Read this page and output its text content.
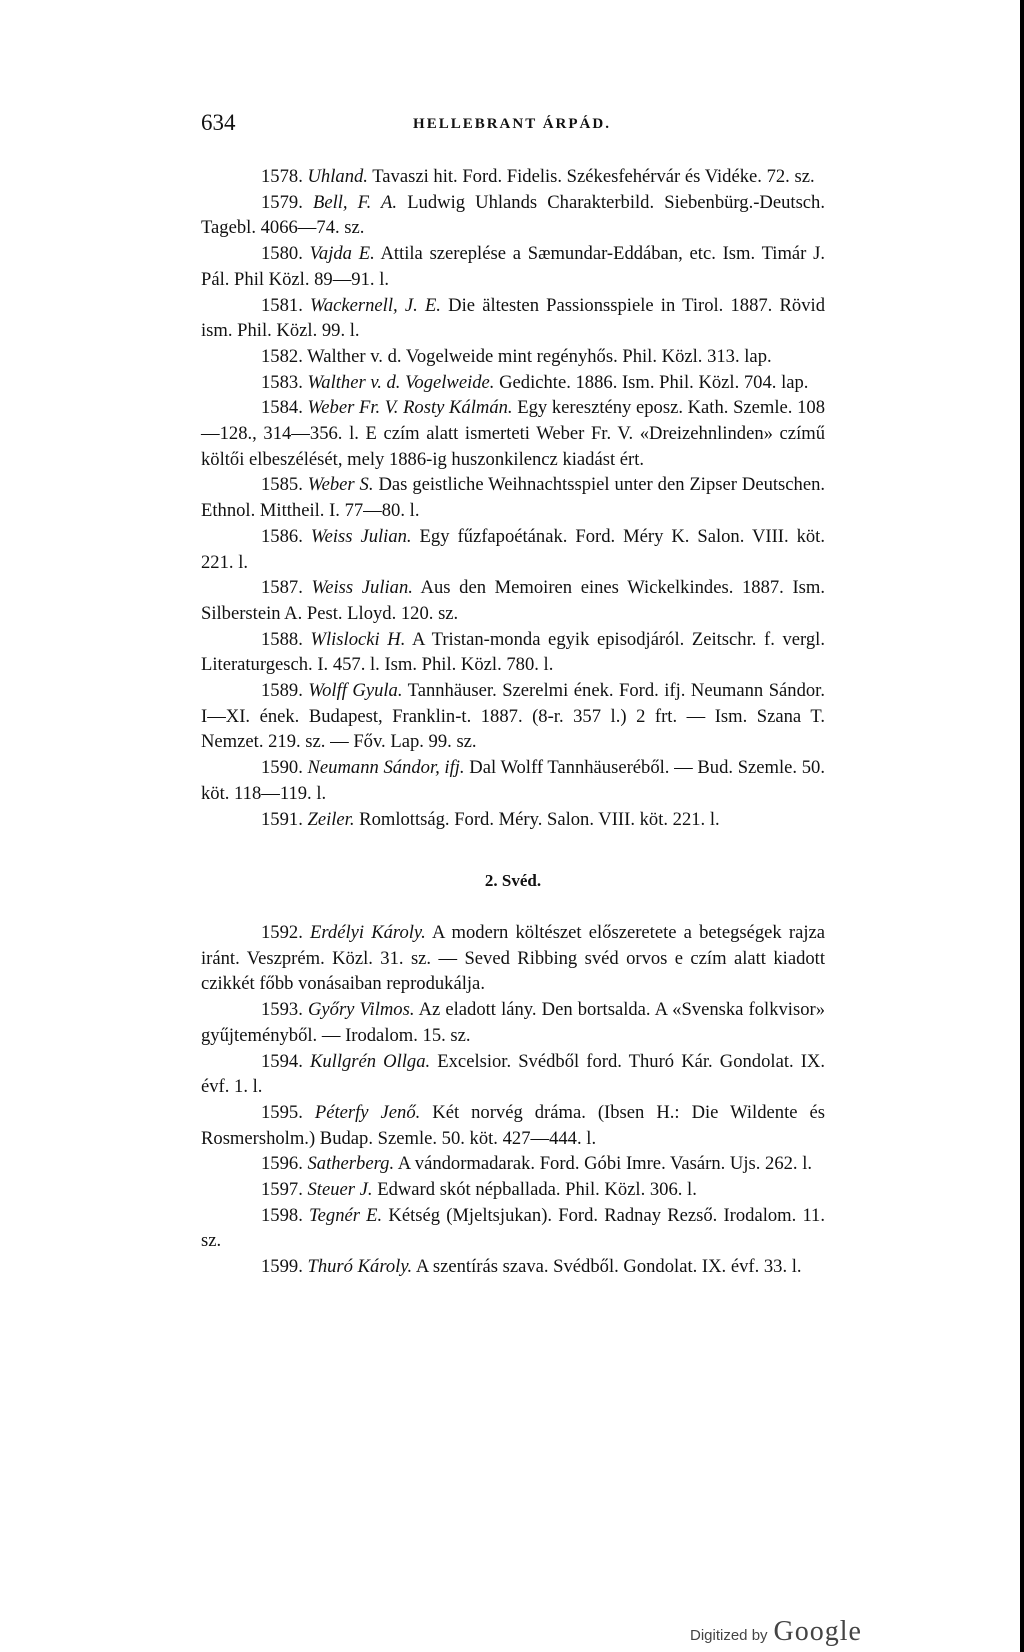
634	HELLEBRANT ÁRPÁD.

1578. Uhland. Tavaszi hit. Ford. Fidelis. Székesfehérvár és Vidéke. 72. sz.

1579. Bell, F. A. Ludwig Uhlands Charakterbild. Siebenbürg.-Deutsch. Tagebl. 4066—74. sz.

1580. Vajda E. Attila szereplése a Sæmundar-Eddában, etc. Ism. Timár J. Pál. Phil Közl. 89—91. l.

1581. Wackernell, J. E. Die ältesten Passionsspiele in Tirol. 1887. Rövid ism. Phil. Közl. 99. l.

1582. Walther v. d. Vogelweide mint regényhős. Phil. Közl. 313. lap.

1583. Walther v. d. Vogelweide. Gedichte. 1886. Ism. Phil. Közl. 704. lap.

1584. Weber Fr. V. Rosty Kálmán. Egy keresztény eposz. Kath. Szemle. 108—128., 314—356. l. E czím alatt ismerteti Weber Fr. V. «Dreizehnlinden» czímű költői elbeszélését, mely 1886-ig huszonkilencz kiadást ért.

1585. Weber S. Das geistliche Weihnachtsspiel unter den Zipser Deutschen. Ethnol. Mittheil. I. 77—80. l.

1586. Weiss Julian. Egy fűzfapoétának. Ford. Méry K. Salon. VIII. köt. 221. l.

1587. Weiss Julian. Aus den Memoiren eines Wickelkindes. 1887. Ism. Silberstein A. Pest. Lloyd. 120. sz.

1588. Wlislocki H. A Tristan-monda egyik episodjáról. Zeitschr. f. vergl. Literaturgesch. I. 457. l. Ism. Phil. Közl. 780. l.

1589. Wolff Gyula. Tannhäuser. Szerelmi ének. Ford. ifj. Neumann Sándor. I—XI. ének. Budapest, Franklin-t. 1887. (8-r. 357 l.) 2 frt. — Ism. Szana T. Nemzet. 219. sz. — Főv. Lap. 99. sz.

1590. Neumann Sándor, ifj. Dal Wolff Tannhäuseréből. — Bud. Szemle. 50. köt. 118—119. l.

1591. Zeiler. Romlottság. Ford. Méry. Salon. VIII. köt. 221. l.

2. Svéd.

1592. Erdélyi Károly. A modern költészet előszeretete a betegségek rajza iránt. Veszprém. Közl. 31. sz. — Seved Ribbing svéd orvos e czím alatt kiadott czikkét főbb vonásaiban reprodukálja.

1593. Győry Vilmos. Az eladott lány. Den bortsalda. A «Svenska folkvisor» gyűjteményből. — Irodalom. 15. sz.

1594. Kullgrén Ollga. Excelsior. Svédből ford. Thuró Kár. Gondolat. IX. évf. 1. l.

1595. Péterfy Jenő. Két norvég dráma. (Ibsen H.: Die Wildente és Rosmersholm.) Budap. Szemle. 50. köt. 427—444. l.

1596. Satherberg. A vándormadarak. Ford. Góbi Imre. Vasárn. Ujs. 262. l.

1597. Steuer J. Edward skót népballada. Phil. Közl. 306. l.

1598. Tegnér E. Kétség (Mjeltsjukan). Ford. Radnay Rezső. Irodalom. 11. sz.

1599. Thuró Károly. A szentírás szava. Svédből. Gondolat. IX. évf. 33. l.

Digitized by Google
